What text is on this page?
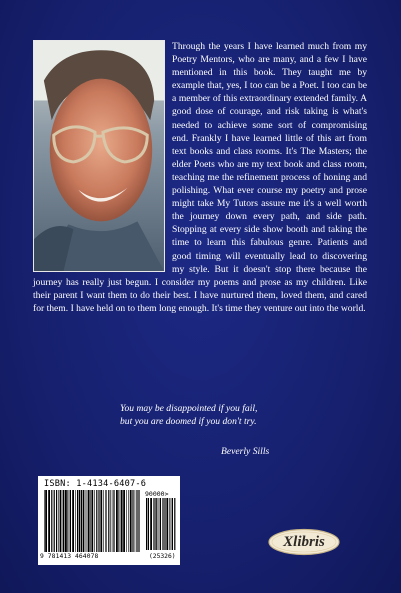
Through the years I have learned much from my Poetry Mentors, who are many, and a few I have mentioned in this book. They taught me by example that, yes, I too can be a Poet. I too can be a member of this extraordinary extended family. A good dose of courage, and risk taking is what's needed to achieve some sort of compromising end. Frankly I have learned little of this art from text books and class rooms. It's The Masters; the elder Poets who are my text book and class room, teaching me the refinement process of honing and polishing. What ever course my poetry and prose might take My Tutors assure me it's a well worth the journey down every path, and side path. Stopping at every side show booth and taking the time to learn this fabulous genre. Patients and good timing will eventually lead to discovering my style. But it doesn't stop there because the journey has really just begun. I consider my poems and prose as my children. Like their parent I want them to do their best. I have nurtured them, loved them, and cared for them. I have held on to them long enough. It's time they venture out into the world.

You may be disappointed if you fail,
but you are doomed if you don't try.
Beverly Sills
ISBN: 1-4134-6407-6
90000>
9 781413 464078	(25326)
Xlibris
